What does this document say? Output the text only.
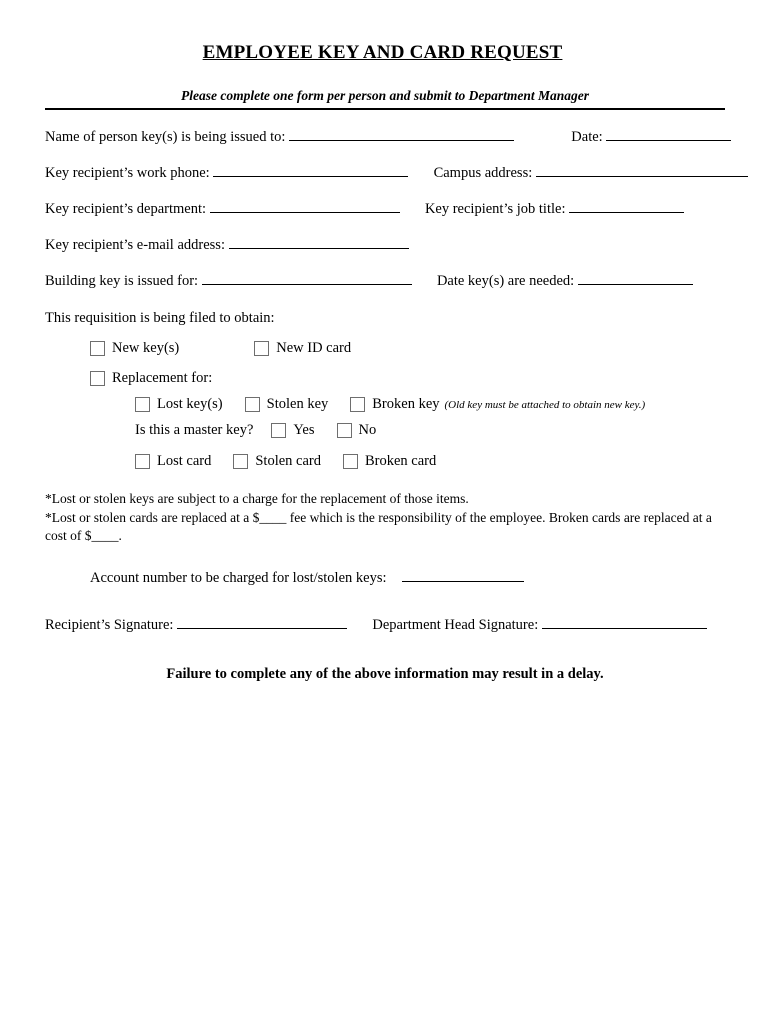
EMPLOYEE KEY AND CARD REQUEST
Please complete one form per person and submit to Department Manager
Name of person key(s) is being issued to:	Date:
Key recipient’s work phone:	Campus address:
Key recipient’s department:	Key recipient’s job title:
Key recipient’s e-mail address:
Building key is issued for:	Date key(s) are needed:
This requisition is being filed to obtain:
New key(s)	New ID card
Replacement for:
Lost key(s)	Stolen key	Broken key (Old key must be attached to obtain new key.)
Is this a master key?	Yes	No
Lost card	Stolen card	Broken card
*Lost or stolen keys are subject to a charge for the replacement of those items.
*Lost or stolen cards are replaced at a $____ fee which is the responsibility of the employee. Broken cards are replaced at a cost of $____.
Account number to be charged for lost/stolen keys:
Recipient’s Signature:	Department Head Signature:
Failure to complete any of the above information may result in a delay.
